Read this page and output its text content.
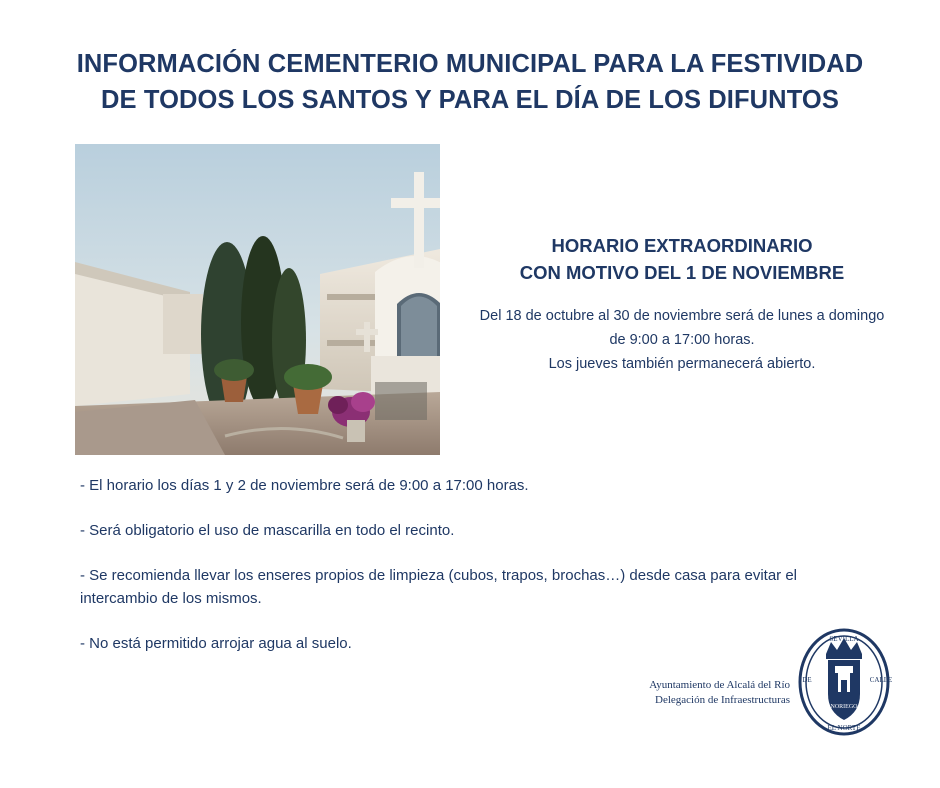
INFORMACIÓN CEMENTERIO MUNICIPAL PARA LA FESTIVIDAD
DE TODOS LOS SANTOS Y PARA EL DÍA DE LOS DIFUNTOS
HORARIO EXTRAORDINARIO
CON MOTIVO DEL 1 DE NOVIEMBRE
Del 18 de octubre al 30 de noviembre será de lunes a domingo
de 9:00 a 17:00 horas.
Los jueves también permanecerá abierto.
- El horario los días 1 y 2 de noviembre será de 9:00 a 17:00 horas.
- Será obligatorio el uso de mascarilla en todo el recinto.
- Se recomienda llevar los enseres propios de limpieza (cubos, trapos, brochas…) desde casa para evitar el intercambio de los mismos.
- No está permitido arrojar agua al suelo.
Ayuntamiento de Alcalá del Río
Delegación de Infraestructuras
SEVILLA
DE	CALLE
EL NORTE
NORIEGO
